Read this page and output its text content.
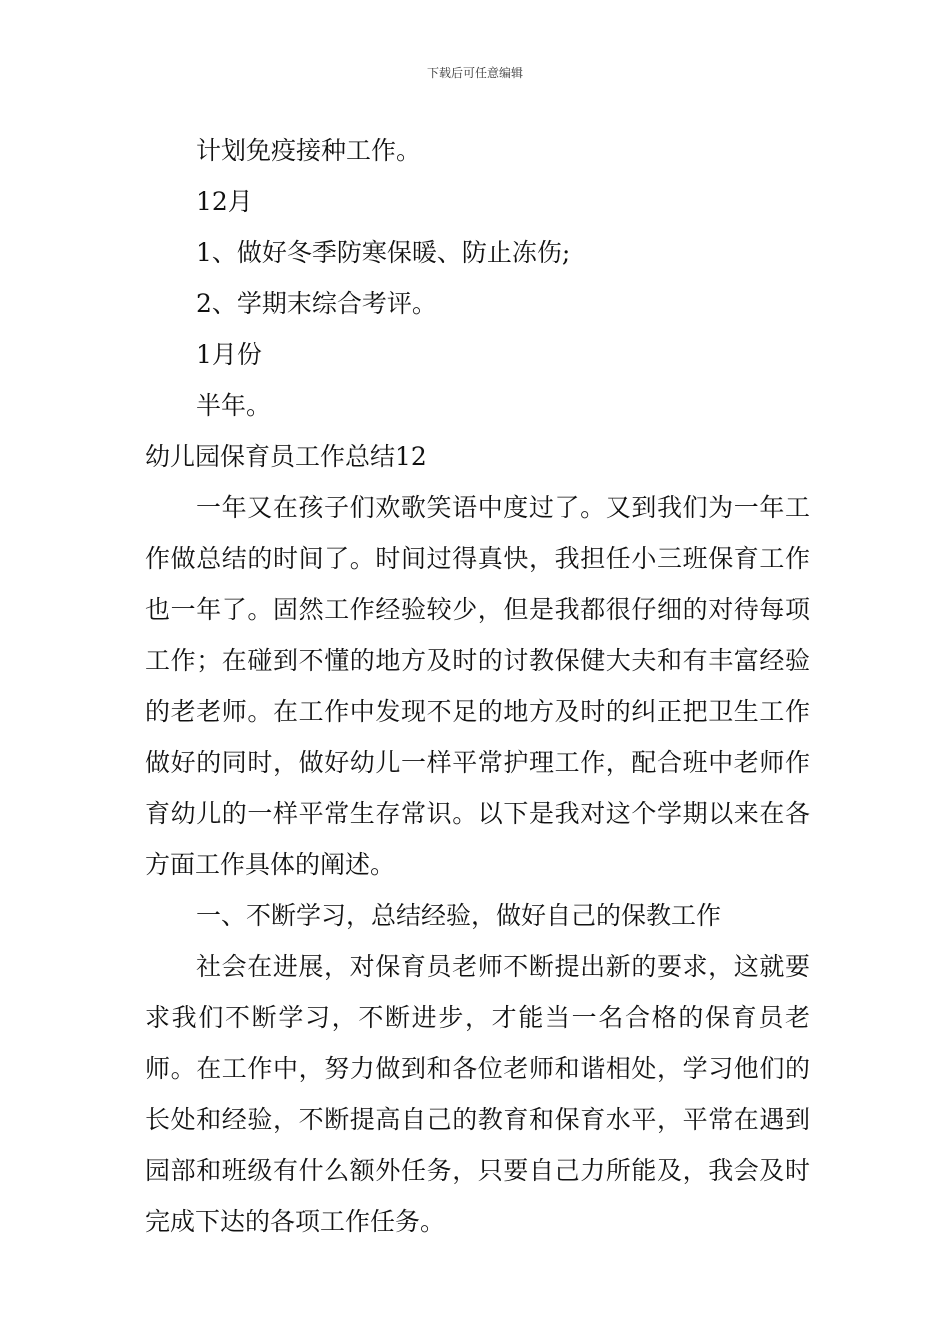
下载后可任意编辑

计划免疫接种工作。

12月

1、做好冬季防寒保暖、防止冻伤;

2、学期末综合考评。

1月份

半年。

幼儿园保育员工作总结12

一年又在孩子们欢歌笑语中度过了。又到我们为一年工作做总结的时间了。时间过得真快，我担任小三班保育工作也一年了。固然工作经验较少，但是我都很仔细的对待每项工作；在碰到不懂的地方及时的讨教保健大夫和有丰富经验的老老师。在工作中发现不足的地方及时的纠正把卫生工作做好的同时，做好幼儿一样平常护理工作，配合班中老师作育幼儿的一样平常生存常识。以下是我对这个学期以来在各方面工作具体的阐述。

一、不断学习，总结经验，做好自己的保教工作

社会在进展，对保育员老师不断提出新的要求，这就要求我们不断学习，不断进步，才能当一名合格的保育员老师。在工作中，努力做到和各位老师和谐相处，学习他们的长处和经验，不断提高自己的教育和保育水平，平常在遇到园部和班级有什么额外任务，只要自己力所能及，我会及时完成下达的各项工作任务。
